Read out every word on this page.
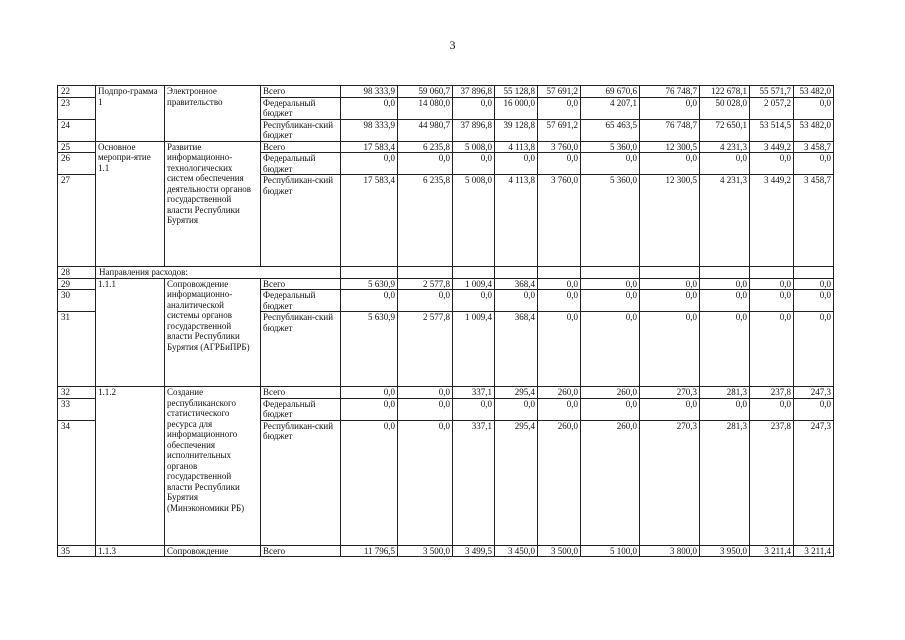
3
22	Подпро-грамма 1	Электронное правительство	Всего	98 333,9	59 060,7	37 896,8	55 128,8	57 691,2	69 670,6	76 748,7	122 678,1	55 571,7	53 482,0
23			Федеральный бюджет	0,0	14 080,0	0,0	16 000,0	0,0	4 207,1	0,0	50 028,0	2 057,2	0,0
24			Республикан-ский бюджет	98 333,9	44 980,7	37 896,8	39 128,8	57 691,2	65 463,5	76 748,7	72 650,1	53 514,5	53 482,0
25	Основное меропри-ятие 1.1	Развитие информационно-технологических систем обеспечения деятельности органов государственной власти Республики Бурятия	Всего	17 583,4	6 235,8	5 008,0	4 113,8	3 760,0	5 360,0	12 300,5	4 231,3	3 449,2	3 458,7
26			Федеральный бюджет	0,0	0,0	0,0	0,0	0,0	0,0	0,0	0,0	0,0	0,0
27			Республикан-ский бюджет	17 583,4	6 235,8	5 008,0	4 113,8	3 760,0	5 360,0	12 300,5	4 231,3	3 449,2	3 458,7
28	Направления расходов:												
29	1.1.1	Сопровождение информационно-аналитической системы органов государственной власти Республики Бурятия (АГРБиПРБ)	Всего	5 630,9	2 577,8	1 009,4	368,4	0,0	0,0	0,0	0,0	0,0	0,0
30			Федеральный бюджет	0,0	0,0	0,0	0,0	0,0	0,0	0,0	0,0	0,0	0,0
31			Республикан-ский бюджет	5 630,9	2 577,8	1 009,4	368,4	0,0	0,0	0,0	0,0	0,0	0,0
32	1.1.2	Создание республиканского статистического ресурса для информационного обеспечения исполнительных органов государственной власти Республики Бурятия (Минэкономики РБ)	Всего	0,0	0,0	337,1	295,4	260,0	260,0	270,3	281,3	237,8	247,3
33			Федеральный бюджет	0,0	0,0	0,0	0,0	0,0	0,0	0,0	0,0	0,0	0,0
34			Республикан-ский бюджет	0,0	0,0	337,1	295,4	260,0	260,0	270,3	281,3	237,8	247,3
35	1.1.3	Сопровождение	Всего	11 796,5	3 500,0	3 499,5	3 450,0	3 500,0	5 100,0	3 800,0	3 950,0	3 211,4	3 211,4
